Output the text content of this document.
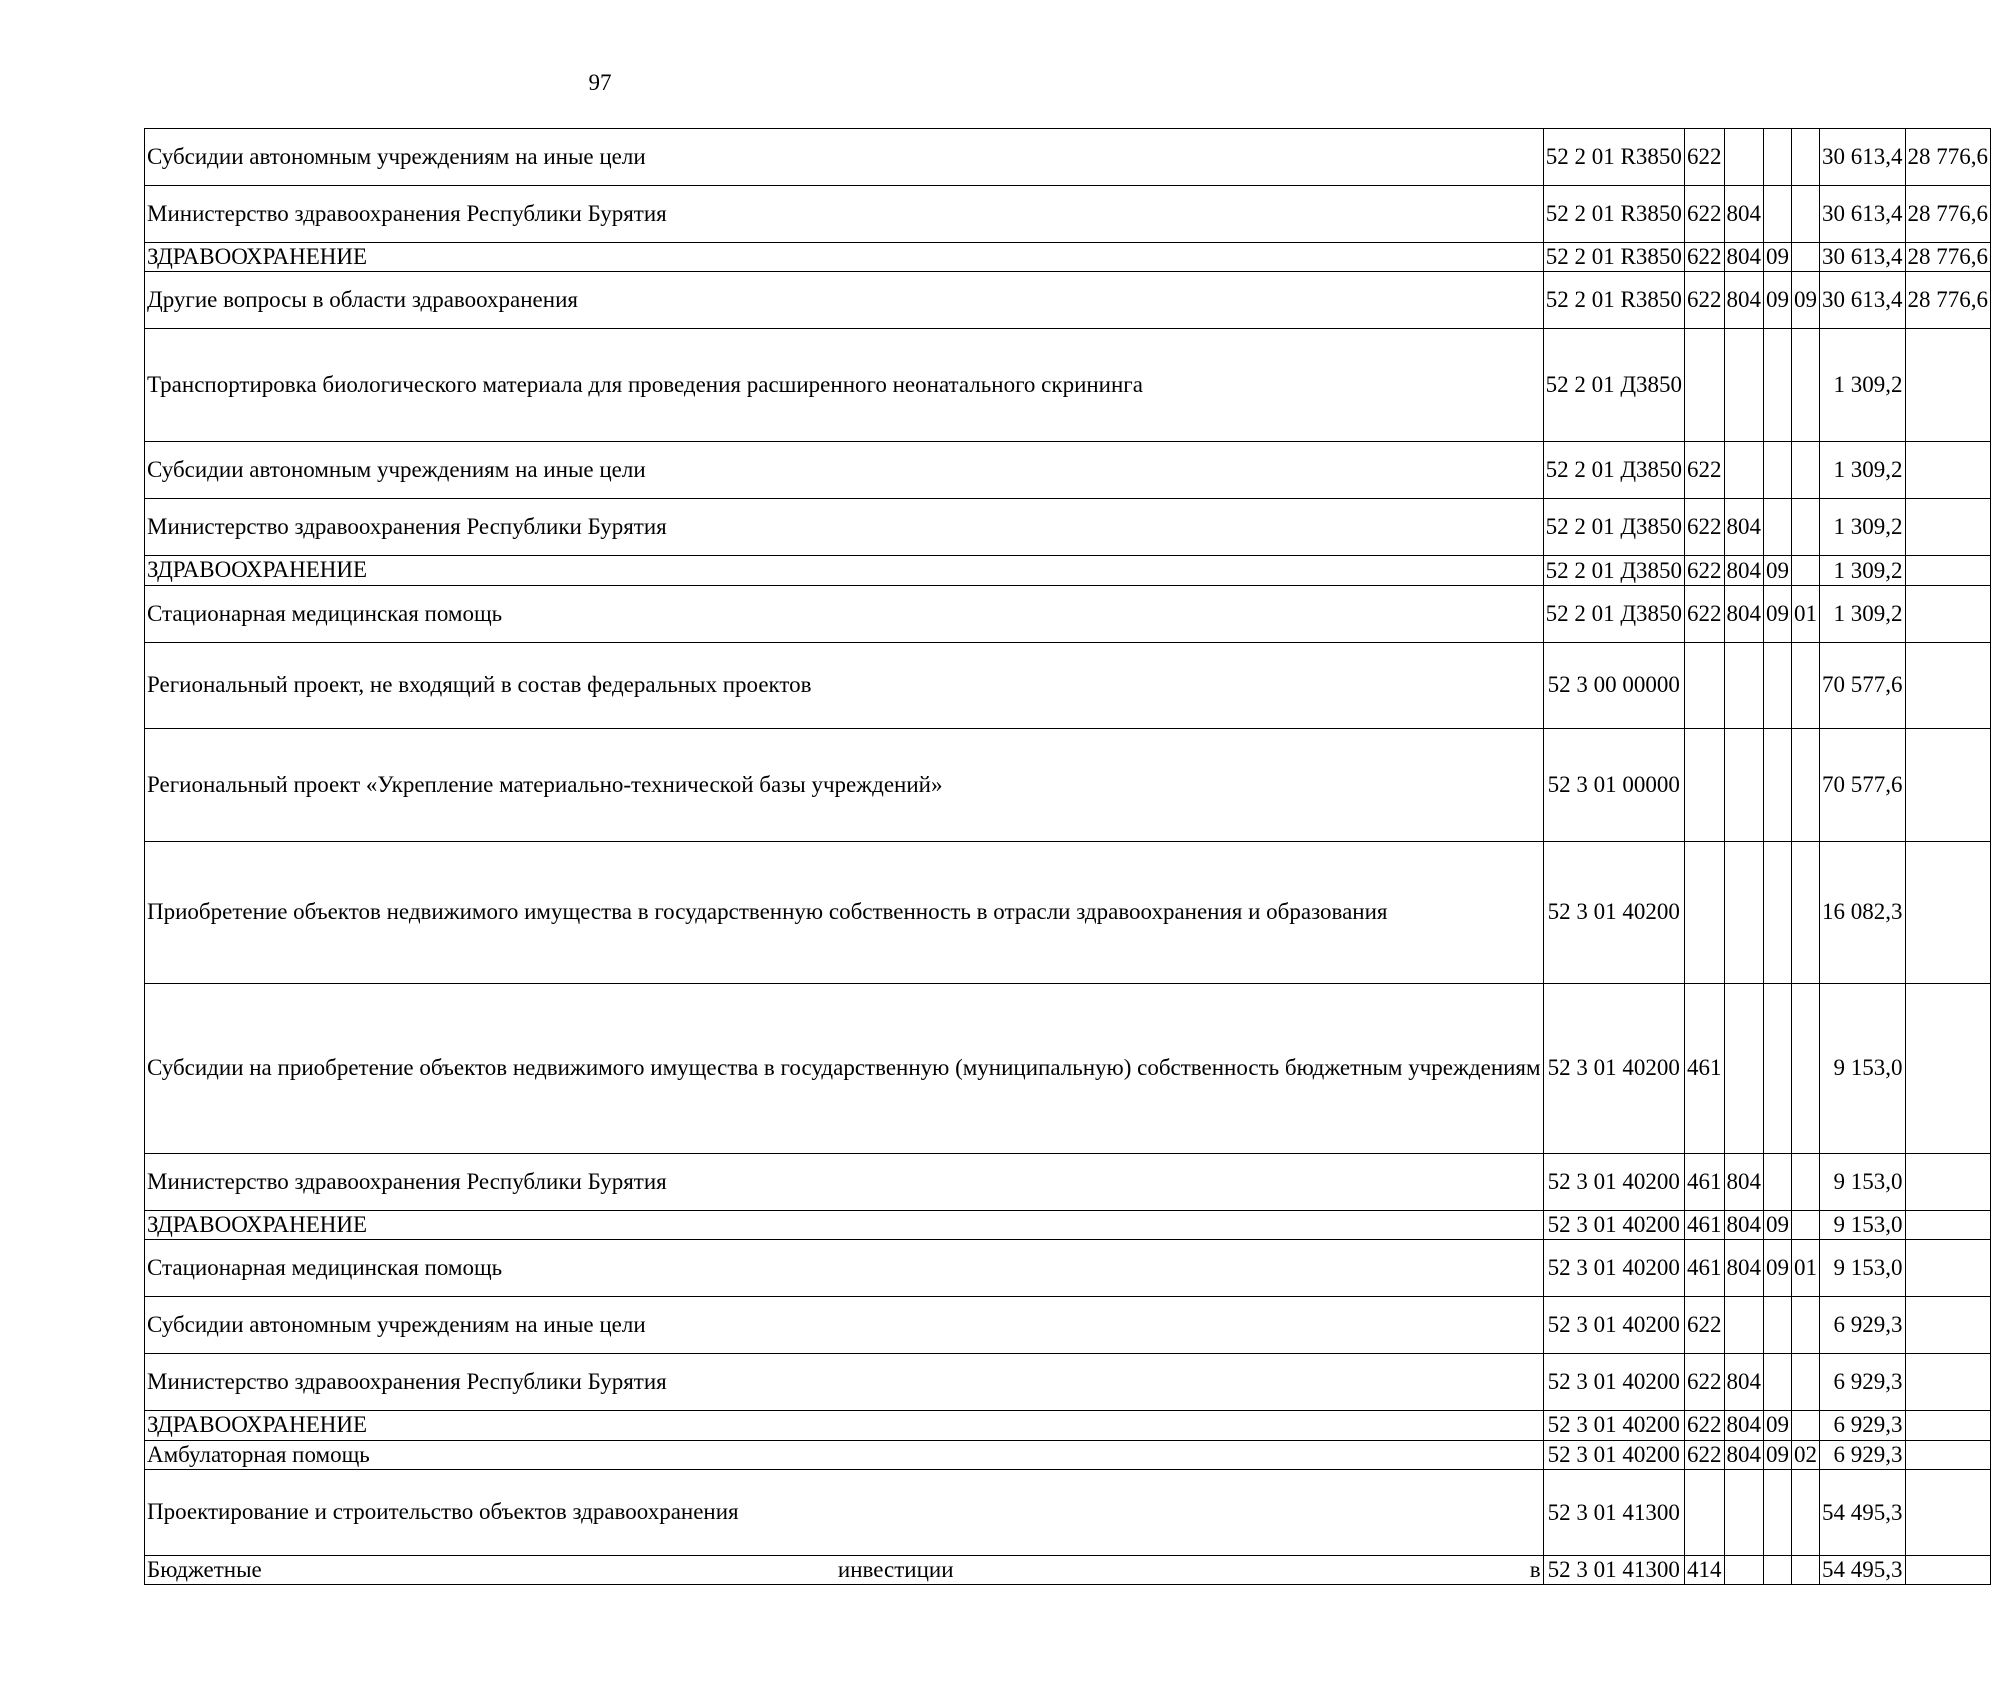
97
Субсидии автономным учреждениям на иные цели	52 2 01 R3850	622				30 613,4	28 776,6
Министерство здравоохранения Республики Бурятия	52 2 01 R3850	622	804			30 613,4	28 776,6
ЗДРАВООХРАНЕНИЕ	52 2 01 R3850	622	804	09		30 613,4	28 776,6
Другие вопросы в области здравоохранения	52 2 01 R3850	622	804	09	09	30 613,4	28 776,6
Транспортировка биологического материала для проведения расширенного неонатального скрининга	52 2 01 Д3850					1 309,2	
Субсидии автономным учреждениям на иные цели	52 2 01 Д3850	622				1 309,2	
Министерство здравоохранения Республики Бурятия	52 2 01 Д3850	622	804			1 309,2	
ЗДРАВООХРАНЕНИЕ	52 2 01 Д3850	622	804	09		1 309,2	
Стационарная медицинская помощь	52 2 01 Д3850	622	804	09	01	1 309,2	
Региональный проект, не входящий в состав федеральных проектов	52 3 00 00000					70 577,6	
Региональный проект «Укрепление материально-технической базы учреждений»	52 3 01 00000					70 577,6	
Приобретение объектов недвижимого имущества в государственную собственность в отрасли здравоохранения и образования	52 3 01 40200					16 082,3	
Субсидии на приобретение объектов недвижимого имущества в государственную (муниципальную) собственность бюджетным учреждениям	52 3 01 40200	461				9 153,0	
Министерство здравоохранения Республики Бурятия	52 3 01 40200	461	804			9 153,0	
ЗДРАВООХРАНЕНИЕ	52 3 01 40200	461	804	09		9 153,0	
Стационарная медицинская помощь	52 3 01 40200	461	804	09	01	9 153,0	
Субсидии автономным учреждениям на иные цели	52 3 01 40200	622				6 929,3	
Министерство здравоохранения Республики Бурятия	52 3 01 40200	622	804			6 929,3	
ЗДРАВООХРАНЕНИЕ	52 3 01 40200	622	804	09		6 929,3	
Амбулаторная помощь	52 3 01 40200	622	804	09	02	6 929,3	
Проектирование и строительство объектов здравоохранения	52 3 01 41300					54 495,3	
Бюджетные инвестиции в	52 3 01 41300	414				54 495,3	
